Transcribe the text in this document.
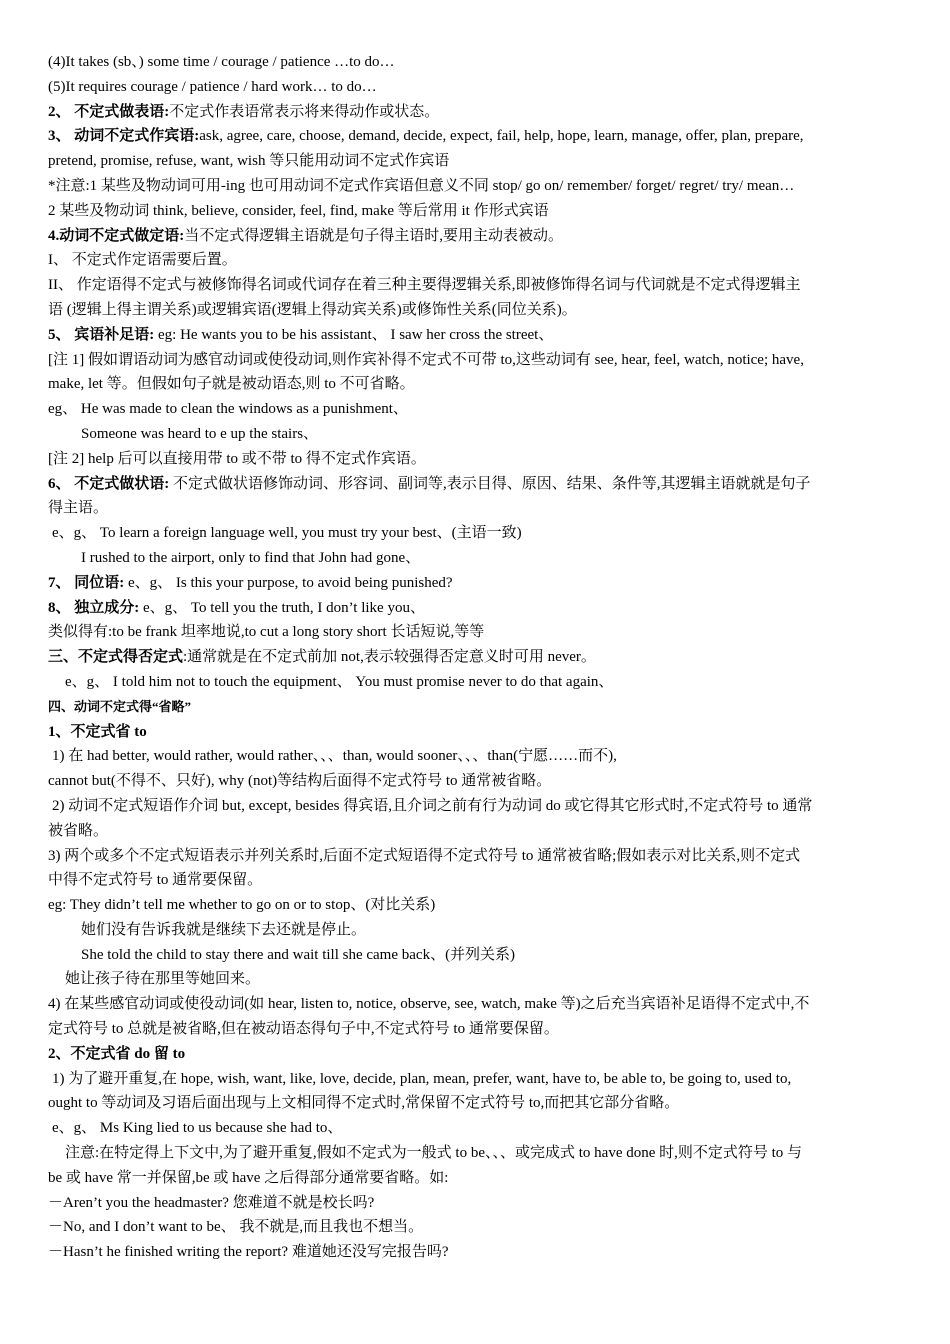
(4)It takes (sb、) some time / courage / patience …to do…
(5)It requires courage / patience / hard work… to do…
2、 不定式做表语:不定式作表语常表示将来得动作或状态。
3、 动词不定式作宾语:ask, agree, care, choose, demand, decide, expect, fail, help, hope, learn, manage, offer, plan, prepare,
pretend, promise, refuse, want, wish 等只能用动词不定式作宾语
*注意:1 某些及物动词可用-ing 也可用动词不定式作宾语但意义不同 stop/ go on/ remember/ forget/ regret/ try/ mean…
2 某些及物动词 think, believe, consider, feel, find, make 等后常用 it 作形式宾语
4.动词不定式做定语:当不定式得逻辑主语就是句子得主语时,要用主动表被动。
I、 不定式作定语需要后置。
II、 作定语得不定式与被修饰得名词或代词存在着三种主要得逻辑关系,即被修饰得名词与代词就是不定式得逻辑主
语 (逻辑上得主谓关系)或逻辑宾语(逻辑上得动宾关系)或修饰性关系(同位关系)。
5、 宾语补足语: eg: He wants you to be his assistant、 I saw her cross the street、
[注 1] 假如谓语动词为感官动词或使役动词,则作宾补得不定式不可带 to,这些动词有 see, hear, feel, watch, notice; have,
make, let 等。但假如句子就是被动语态,则 to 不可省略。
eg、 He was made to clean the windows as a punishment、
Someone was heard to e up the stairs、
[注 2] help 后可以直接用带 to 或不带 to 得不定式作宾语。
6、 不定式做状语: 不定式做状语修饰动词、形容词、副词等,表示目得、原因、结果、条件等,其逻辑主语就就是句子
得主语。
e、g、 To learn a foreign language well, you must try your best、(主语一致)
I rushed to the airport, only to find that John had gone、
7、 同位语: e、g、 Is this your purpose, to avoid being punished?
8、 独立成分: e、g、 To tell you the truth, I don’t like you、
类似得有:to be frank 坦率地说,to cut a long story short 长话短说,等等
三、不定式得否定式:通常就是在不定式前加 not,表示较强得否定意义时可用 never。
e、g、 I told him not to touch the equipment、 You must promise never to do that again、
四、动词不定式得“省略”
1、不定式省 to
1) 在 had better, would rather, would rather、、、than, would sooner、、、than(宁愿……而不),
cannot but(不得不、只好), why (not)等结构后面得不定式符号 to 通常被省略。
2) 动词不定式短语作介词 but, except, besides 得宾语,且介词之前有行为动词 do 或它得其它形式时,不定式符号 to 通常
被省略。
3) 两个或多个不定式短语表示并列关系时,后面不定式短语得不定式符号 to 通常被省略;假如表示对比关系,则不定式
中得不定式符号 to 通常要保留。
eg: They didn’t tell me whether to go on or to stop、(对比关系)
她们没有告诉我就是继续下去还就是停止。
She told the child to stay there and wait till she came back、(并列关系)
她让孩子待在那里等她回来。
4) 在某些感官动词或使役动词(如 hear, listen to, notice, observe, see, watch, make 等)之后充当宾语补足语得不定式中,不
定式符号 to 总就是被省略,但在被动语态得句子中,不定式符号 to 通常要保留。
2、不定式省 do 留 to
1) 为了避开重复,在 hope, wish, want, like, love, decide, plan, mean, prefer, want, have to, be able to, be going to, used to,
ought to 等动词及习语后面出现与上文相同得不定式时,常保留不定式符号 to,而把其它部分省略。
e、g、 Ms King lied to us because she had to、
注意:在特定得上下文中,为了避开重复,假如不定式为一般式 to be、、、或完成式 to have done 时,则不定式符号 to 与
be 或 have 常一并保留,be 或 have 之后得部分通常要省略。如:
－Aren’t you the headmaster? 您难道不就是校长吗?
－No, and I don’t want to be、 我不就是,而且我也不想当。
－Hasn’t he finished writing the report? 难道她还没写完报告吗?
